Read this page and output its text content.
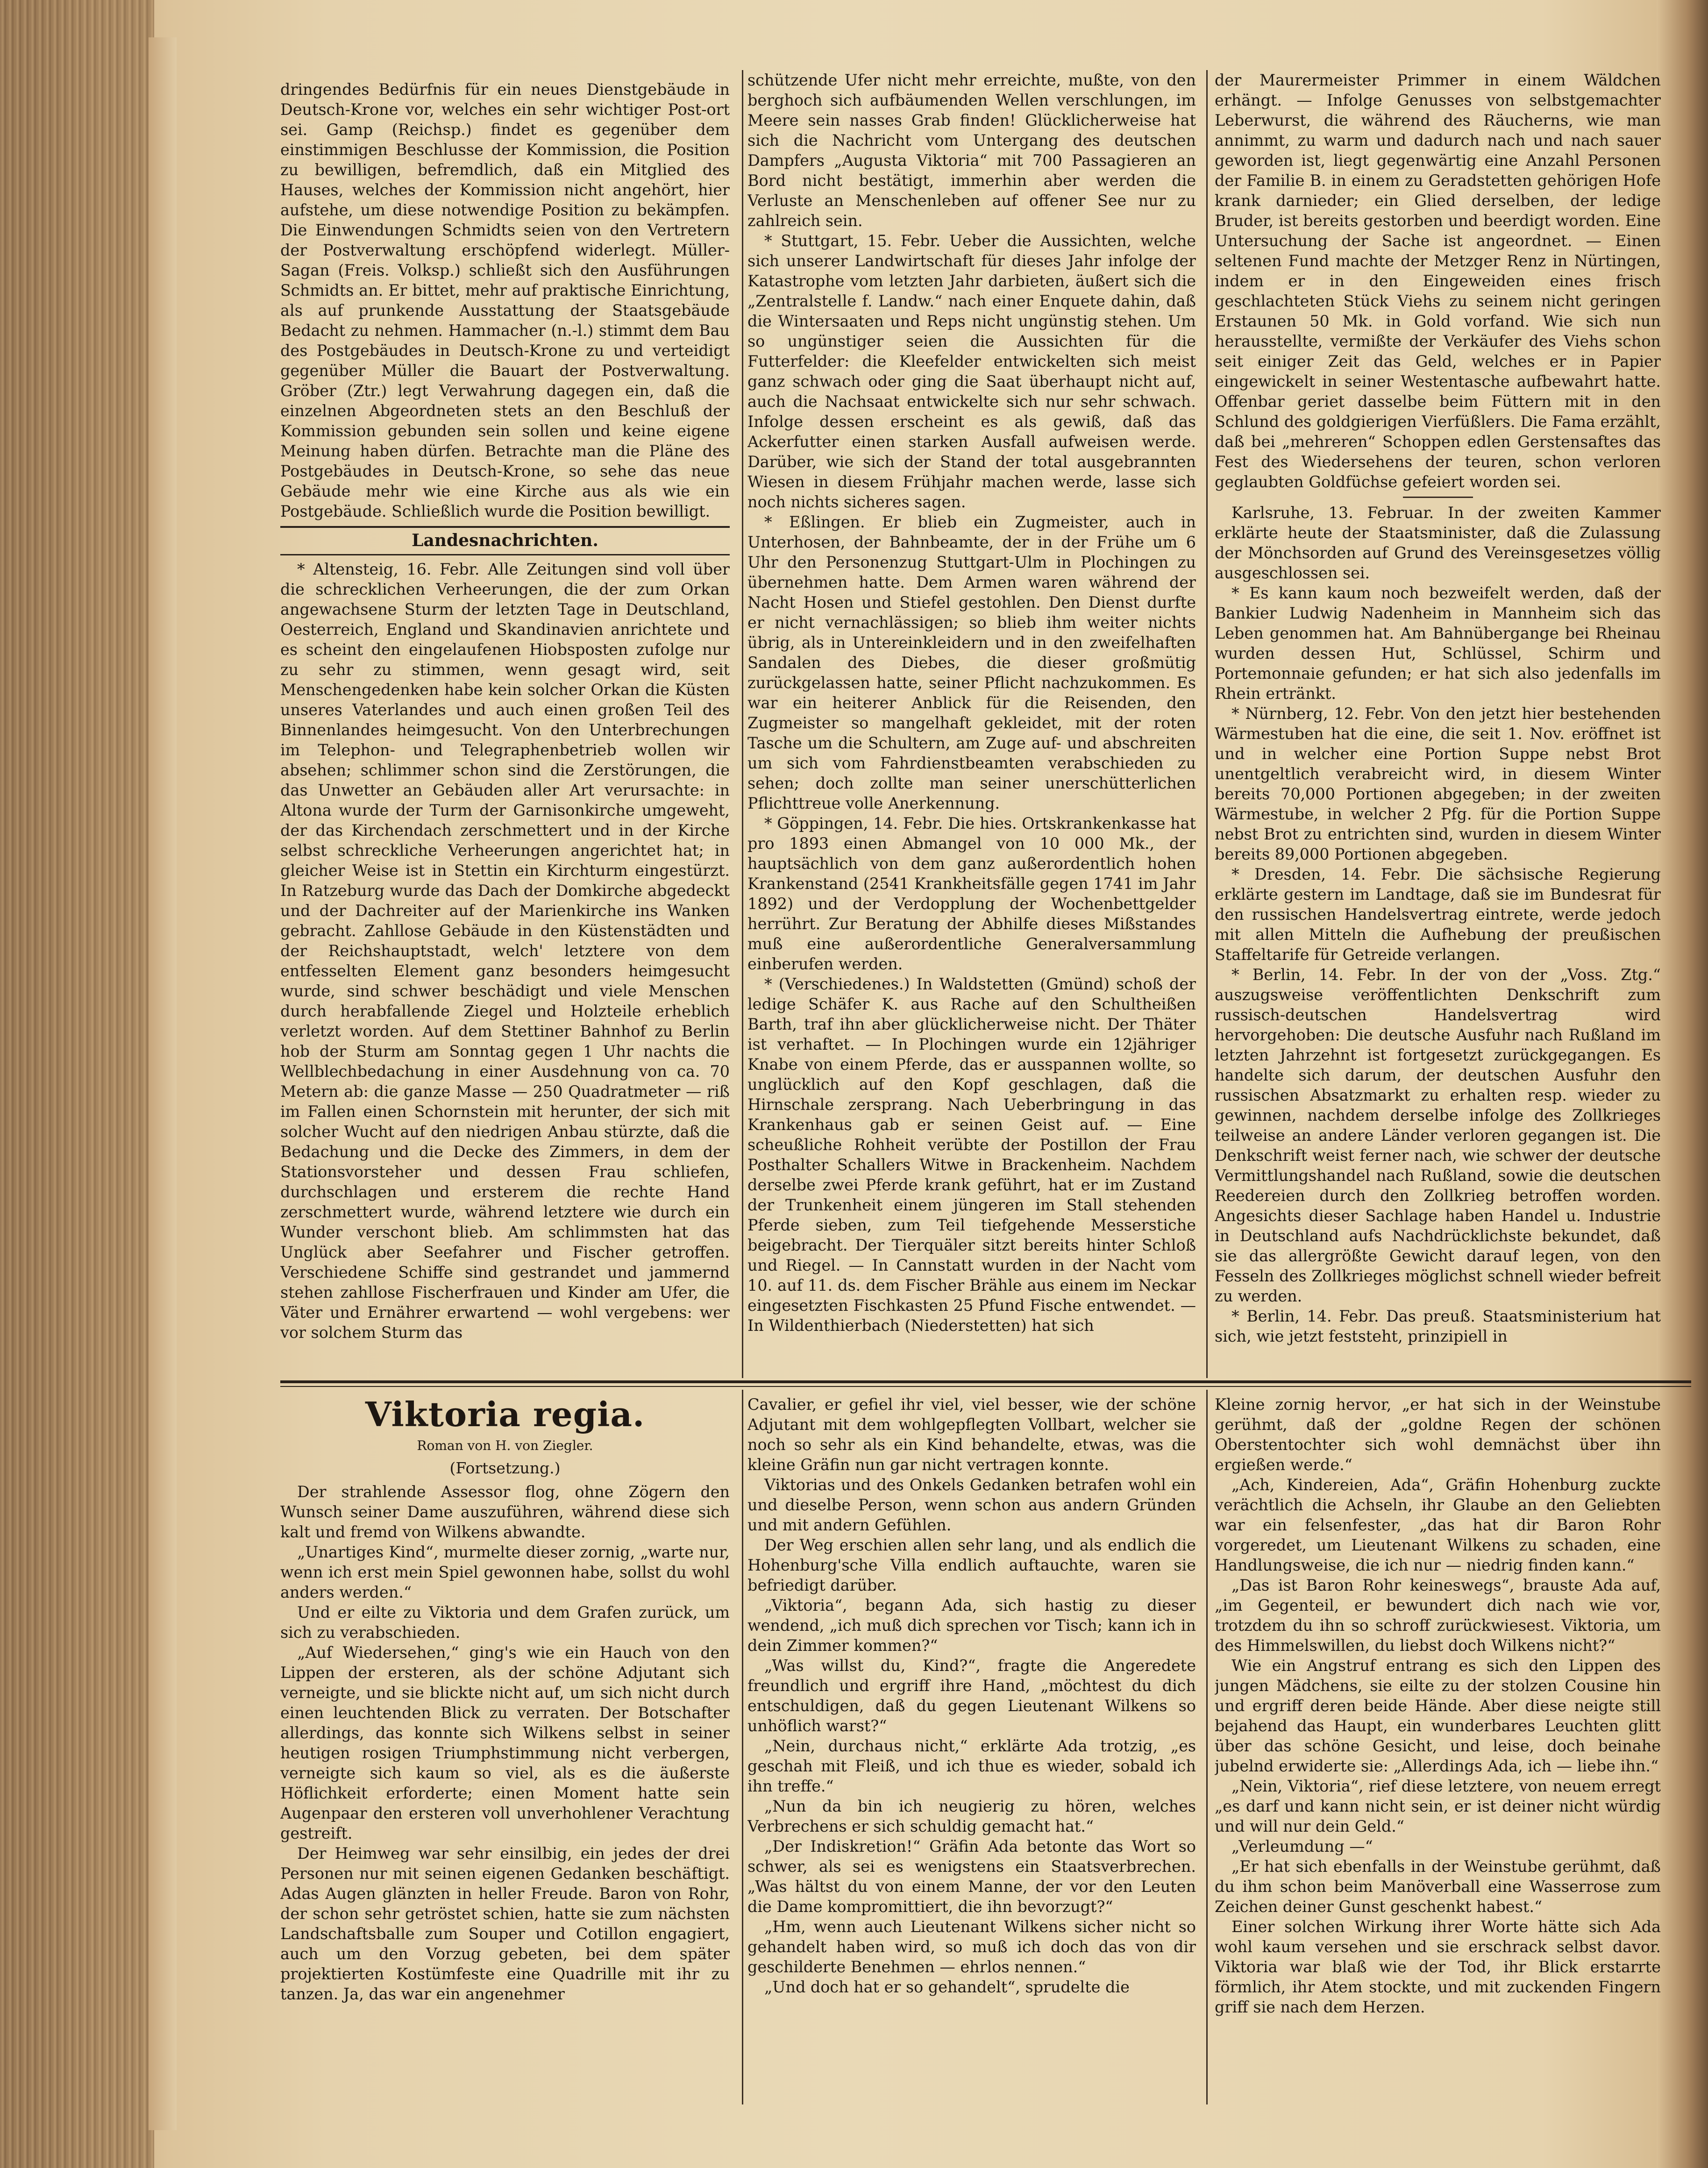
dringendes Bedürfnis für ein neues Dienstgebäude in Deutsch-Krone vor, welches ein sehr wichtiger Post-ort sei. Gamp (Reichsp.) findet es gegenüber dem einstimmigen Beschlusse der Kommission, die Position zu bewilligen, befremdlich, daß ein Mitglied des Hauses, welches der Kommission nicht angehört, hier aufstehe, um diese notwendige Position zu bekämpfen. Die Einwendungen Schmidts seien von den Vertretern der Postverwaltung erschöpfend widerlegt. Müller-Sagan (Freis. Volksp.) schließt sich den Ausführungen Schmidts an. Er bittet, mehr auf praktische Einrichtung, als auf prunkende Ausstattung der Staatsgebäude Bedacht zu nehmen. Hammacher (n.-l.) stimmt dem Bau des Postgebäudes in Deutsch-Krone zu und verteidigt gegenüber Müller die Bauart der Postverwaltung. Gröber (Ztr.) legt Verwahrung dagegen ein, daß die einzelnen Abgeordneten stets an den Beschluß der Kommission gebunden sein sollen und keine eigene Meinung haben dürfen. Betrachte man die Pläne des Postgebäudes in Deutsch-Krone, so sehe das neue Gebäude mehr wie eine Kirche aus als wie ein Postgebäude. Schließlich wurde die Position bewilligt.

Landesnachrichten.

* Altensteig, 16. Febr. Alle Zeitungen sind voll über die schrecklichen Verheerungen, die der zum Orkan angewachsene Sturm der letzten Tage in Deutschland, Oesterreich, England und Skandinavien anrichtete und es scheint den eingelaufenen Hiobsposten zufolge nur zu sehr zu stimmen, wenn gesagt wird, seit Menschengedenken habe kein solcher Orkan die Küsten unseres Vaterlandes und auch einen großen Teil des Binnenlandes heimgesucht. Von den Unterbrechungen im Telephon- und Telegraphenbetrieb wollen wir absehen; schlimmer schon sind die Zerstörungen, die das Unwetter an Gebäuden aller Art verursachte: in Altona wurde der Turm der Garnisonkirche umgeweht, der das Kirchendach zerschmettert und in der Kirche selbst schreckliche Verheerungen angerichtet hat; in gleicher Weise ist in Stettin ein Kirchturm eingestürzt. In Ratzeburg wurde das Dach der Domkirche abgedeckt und der Dachreiter auf der Marienkirche ins Wanken gebracht. Zahllose Gebäude in den Küstenstädten und der Reichshauptstadt, welch' letztere von dem entfesselten Element ganz besonders heimgesucht wurde, sind schwer beschädigt und viele Menschen durch herabfallende Ziegel und Holzteile erheblich verletzt worden. Auf dem Stettiner Bahnhof zu Berlin hob der Sturm am Sonntag gegen 1 Uhr nachts die Wellblechbedachung in einer Ausdehnung von ca. 70 Metern ab: die ganze Masse — 250 Quadratmeter — riß im Fallen einen Schornstein mit herunter, der sich mit solcher Wucht auf den niedrigen Anbau stürzte, daß die Bedachung und die Decke des Zimmers, in dem der Stationsvorsteher und dessen Frau schliefen, durchschlagen und ersterem die rechte Hand zerschmettert wurde, während letztere wie durch ein Wunder verschont blieb. Am schlimmsten hat das Unglück aber Seefahrer und Fischer getroffen. Verschiedene Schiffe sind gestrandet und jammernd stehen zahllose Fischerfrauen und Kinder am Ufer, die Väter und Ernährer erwartend — wohl vergebens: wer vor solchem Sturm das

schützende Ufer nicht mehr erreichte, mußte, von den berghoch sich aufbäumenden Wellen verschlungen, im Meere sein nasses Grab finden! Glücklicherweise hat sich die Nachricht vom Untergang des deutschen Dampfers „Augusta Viktoria“ mit 700 Passagieren an Bord nicht bestätigt, immerhin aber werden die Verluste an Menschenleben auf offener See nur zu zahlreich sein.

* Stuttgart, 15. Febr. Ueber die Aussichten, welche sich unserer Landwirtschaft für dieses Jahr infolge der Katastrophe vom letzten Jahr darbieten, äußert sich die „Zentralstelle f. Landw.“ nach einer Enquete dahin, daß die Wintersaaten und Reps nicht ungünstig stehen. Um so ungünstiger seien die Aussichten für die Futterfelder: die Kleefelder entwickelten sich meist ganz schwach oder ging die Saat überhaupt nicht auf, auch die Nachsaat entwickelte sich nur sehr schwach. Infolge dessen erscheint es als gewiß, daß das Ackerfutter einen starken Ausfall aufweisen werde. Darüber, wie sich der Stand der total ausgebrannten Wiesen in diesem Frühjahr machen werde, lasse sich noch nichts sicheres sagen.

* Eßlingen. Er blieb ein Zugmeister, auch in Unterhosen, der Bahnbeamte, der in der Frühe um 6 Uhr den Personenzug Stuttgart-Ulm in Plochingen zu übernehmen hatte. Dem Armen waren während der Nacht Hosen und Stiefel gestohlen. Den Dienst durfte er nicht vernachlässigen; so blieb ihm weiter nichts übrig, als in Untereinkleidern und in den zweifelhaften Sandalen des Diebes, die dieser großmütig zurückgelassen hatte, seiner Pflicht nachzukommen. Es war ein heiterer Anblick für die Reisenden, den Zugmeister so mangelhaft gekleidet, mit der roten Tasche um die Schultern, am Zuge auf- und abschreiten um sich vom Fahrdienstbeamten verabschieden zu sehen; doch zollte man seiner unerschütterlichen Pflichttreue volle Anerkennung.

* Göppingen, 14. Febr. Die hies. Ortskrankenkasse hat pro 1893 einen Abmangel von 10 000 Mk., der hauptsächlich von dem ganz außerordentlich hohen Krankenstand (2541 Krankheitsfälle gegen 1741 im Jahr 1892) und der Verdopplung der Wochenbettgelder herrührt. Zur Beratung der Abhilfe dieses Mißstandes muß eine außerordentliche Generalversammlung einberufen werden.

* (Verschiedenes.) In Waldstetten (Gmünd) schoß der ledige Schäfer K. aus Rache auf den Schultheißen Barth, traf ihn aber glücklicherweise nicht. Der Thäter ist verhaftet. — In Plochingen wurde ein 12jähriger Knabe von einem Pferde, das er ausspannen wollte, so unglücklich auf den Kopf geschlagen, daß die Hirnschale zersprang. Nach Ueberbringung in das Krankenhaus gab er seinen Geist auf. — Eine scheußliche Rohheit verübte der Postillon der Frau Posthalter Schallers Witwe in Brackenheim. Nachdem derselbe zwei Pferde krank geführt, hat er im Zustand der Trunkenheit einem jüngeren im Stall stehenden Pferde sieben, zum Teil tiefgehende Messerstiche beigebracht. Der Tierquäler sitzt bereits hinter Schloß und Riegel. — In Cannstatt wurden in der Nacht vom 10. auf 11. ds. dem Fischer Brähle aus einem im Neckar eingesetzten Fischkasten 25 Pfund Fische entwendet. — In Wildenthierbach (Niederstetten) hat sich

der Maurermeister Primmer in einem Wäldchen erhängt. — Infolge Genusses von selbstgemachter Leberwurst, die während des Räucherns, wie man annimmt, zu warm und dadurch nach und nach sauer geworden ist, liegt gegenwärtig eine Anzahl Personen der Familie B. in einem zu Geradstetten gehörigen Hofe krank darnieder; ein Glied derselben, der ledige Bruder, ist bereits gestorben und beerdigt worden. Eine Untersuchung der Sache ist angeordnet. — Einen seltenen Fund machte der Metzger Renz in Nürtingen, indem er in den Eingeweiden eines frisch geschlachteten Stück Viehs zu seinem nicht geringen Erstaunen 50 Mk. in Gold vorfand. Wie sich nun herausstellte, vermißte der Verkäufer des Viehs schon seit einiger Zeit das Geld, welches er in Papier eingewickelt in seiner Westentasche aufbewahrt hatte. Offenbar geriet dasselbe beim Füttern mit in den Schlund des goldgierigen Vierfüßlers. Die Fama erzählt, daß bei „mehreren“ Schoppen edlen Gerstensaftes das Fest des Wiedersehens der teuren, schon verloren geglaubten Goldfüchse gefeiert worden sei.

Karlsruhe, 13. Februar. In der zweiten Kammer erklärte heute der Staatsminister, daß die Zulassung der Mönchsorden auf Grund des Vereinsgesetzes völlig ausgeschlossen sei.

* Es kann kaum noch bezweifelt werden, daß der Bankier Ludwig Nadenheim in Mannheim sich das Leben genommen hat. Am Bahnübergange bei Rheinau wurden dessen Hut, Schlüssel, Schirm und Portemonnaie gefunden; er hat sich also jedenfalls im Rhein ertränkt.

* Nürnberg, 12. Febr. Von den jetzt hier bestehenden Wärmestuben hat die eine, die seit 1. Nov. eröffnet ist und in welcher eine Portion Suppe nebst Brot unentgeltlich verabreicht wird, in diesem Winter bereits 70,000 Portionen abgegeben; in der zweiten Wärmestube, in welcher 2 Pfg. für die Portion Suppe nebst Brot zu entrichten sind, wurden in diesem Winter bereits 89,000 Portionen abgegeben.

* Dresden, 14. Febr. Die sächsische Regierung erklärte gestern im Landtage, daß sie im Bundesrat für den russischen Handelsvertrag eintrete, werde jedoch mit allen Mitteln die Aufhebung der preußischen Staffeltarife für Getreide verlangen.

* Berlin, 14. Febr. In der von der „Voss. Ztg.“ auszugsweise veröffentlichten Denkschrift zum russisch-deutschen Handelsvertrag wird hervorgehoben: Die deutsche Ausfuhr nach Rußland im letzten Jahrzehnt ist fortgesetzt zurückgegangen. Es handelte sich darum, der deutschen Ausfuhr den russischen Absatzmarkt zu erhalten resp. wieder zu gewinnen, nachdem derselbe infolge des Zollkrieges teilweise an andere Länder verloren gegangen ist. Die Denkschrift weist ferner nach, wie schwer der deutsche Vermittlungshandel nach Rußland, sowie die deutschen Reedereien durch den Zollkrieg betroffen worden. Angesichts dieser Sachlage haben Handel u. Industrie in Deutschland aufs Nachdrücklichste bekundet, daß sie das allergrößte Gewicht darauf legen, von den Fesseln des Zollkrieges möglichst schnell wieder befreit zu werden.

* Berlin, 14. Febr. Das preuß. Staatsministerium hat sich, wie jetzt feststeht, prinzipiell in

Viktoria regia.
Roman von H. von Ziegler.
(Fortsetzung.)

Der strahlende Assessor flog, ohne Zögern den Wunsch seiner Dame auszuführen, während diese sich kalt und fremd von Wilkens abwandte.

„Unartiges Kind“, murmelte dieser zornig, „warte nur, wenn ich erst mein Spiel gewonnen habe, sollst du wohl anders werden.“

Und er eilte zu Viktoria und dem Grafen zurück, um sich zu verabschieden.

„Auf Wiedersehen,“ ging's wie ein Hauch von den Lippen der ersteren, als der schöne Adjutant sich verneigte, und sie blickte nicht auf, um sich nicht durch einen leuchtenden Blick zu verraten. Der Botschafter allerdings, das konnte sich Wilkens selbst in seiner heutigen rosigen Triumphstimmung nicht verbergen, verneigte sich kaum so viel, als es die äußerste Höflichkeit erforderte; einen Moment hatte sein Augenpaar den ersteren voll unverhohlener Verachtung gestreift.

Der Heimweg war sehr einsilbig, ein jedes der drei Personen nur mit seinen eigenen Gedanken beschäftigt. Adas Augen glänzten in heller Freude. Baron von Rohr, der schon sehr getröstet schien, hatte sie zum nächsten Landschaftsballe zum Souper und Cotillon engagiert, auch um den Vorzug gebeten, bei dem später projektierten Kostümfeste eine Quadrille mit ihr zu tanzen. Ja, das war ein angenehmer

Cavalier, er gefiel ihr viel, viel besser, wie der schöne Adjutant mit dem wohlgepflegten Vollbart, welcher sie noch so sehr als ein Kind behandelte, etwas, was die kleine Gräfin nun gar nicht vertragen konnte.

Viktorias und des Onkels Gedanken betrafen wohl ein und dieselbe Person, wenn schon aus andern Gründen und mit andern Gefühlen.

Der Weg erschien allen sehr lang, und als endlich die Hohenburg'sche Villa endlich auftauchte, waren sie befriedigt darüber.

„Viktoria“, begann Ada, sich hastig zu dieser wendend, „ich muß dich sprechen vor Tisch; kann ich in dein Zimmer kommen?“

„Was willst du, Kind?“, fragte die Angeredete freundlich und ergriff ihre Hand, „möchtest du dich entschuldigen, daß du gegen Lieutenant Wilkens so unhöflich warst?“

„Nein, durchaus nicht,“ erklärte Ada trotzig, „es geschah mit Fleiß, und ich thue es wieder, sobald ich ihn treffe.“

„Nun da bin ich neugierig zu hören, welches Verbrechens er sich schuldig gemacht hat.“

„Der Indiskretion!“ Gräfin Ada betonte das Wort so schwer, als sei es wenigstens ein Staatsverbrechen. „Was hältst du von einem Manne, der vor den Leuten die Dame kompromittiert, die ihn bevorzugt?“

„Hm, wenn auch Lieutenant Wilkens sicher nicht so gehandelt haben wird, so muß ich doch das von dir geschilderte Benehmen — ehrlos nennen.“

„Und doch hat er so gehandelt“, sprudelte die

Kleine zornig hervor, „er hat sich in der Weinstube gerühmt, daß der „goldne Regen der schönen Oberstentochter sich wohl demnächst über ihn ergießen werde.“

„Ach, Kindereien, Ada“, Gräfin Hohenburg zuckte verächtlich die Achseln, ihr Glaube an den Geliebten war ein felsenfester, „das hat dir Baron Rohr vorgeredet, um Lieutenant Wilkens zu schaden, eine Handlungsweise, die ich nur — niedrig finden kann.“

„Das ist Baron Rohr keineswegs“, brauste Ada auf, „im Gegenteil, er bewundert dich nach wie vor, trotzdem du ihn so schroff zurückwiesest. Viktoria, um des Himmelswillen, du liebst doch Wilkens nicht?“

Wie ein Angstruf entrang es sich den Lippen des jungen Mädchens, sie eilte zu der stolzen Cousine hin und ergriff deren beide Hände. Aber diese neigte still bejahend das Haupt, ein wunderbares Leuchten glitt über das schöne Gesicht, und leise, doch beinahe jubelnd erwiderte sie: „Allerdings Ada, ich — liebe ihn.“

„Nein, Viktoria“, rief diese letztere, von neuem erregt „es darf und kann nicht sein, er ist deiner nicht würdig und will nur dein Geld.“

„Verleumdung —“

„Er hat sich ebenfalls in der Weinstube gerühmt, daß du ihm schon beim Manöverball eine Wasserrose zum Zeichen deiner Gunst geschenkt habest.“

Einer solchen Wirkung ihrer Worte hätte sich Ada wohl kaum versehen und sie erschrack selbst davor. Viktoria war blaß wie der Tod, ihr Blick erstarrte förmlich, ihr Atem stockte, und mit zuckenden Fingern griff sie nach dem Herzen.
